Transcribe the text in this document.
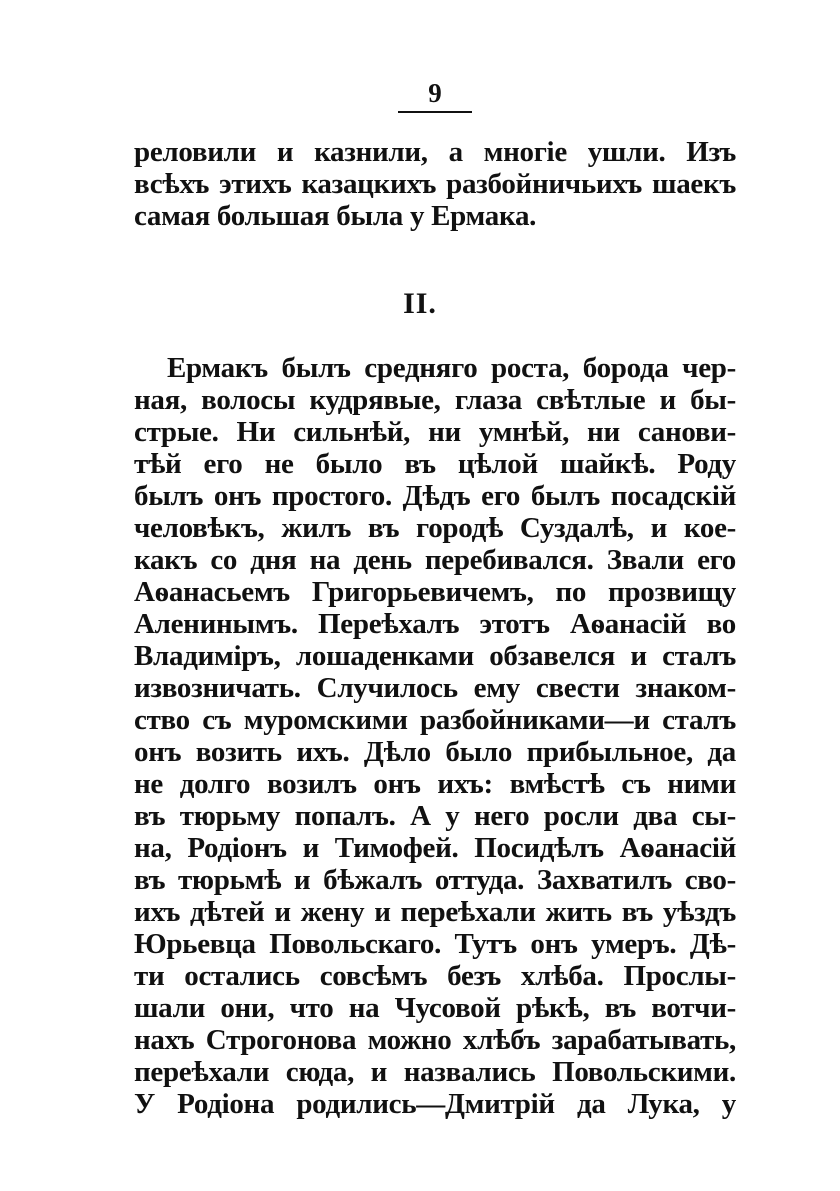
9
реловили и казнили, а многіе ушли. Изъ
всѣхъ этихъ казацкихъ разбойничьихъ шаекъ
самая большая была у Ермака.
II.
Ермакъ былъ средняго роста, борода чер-
ная, волосы кудрявые, глаза свѣтлые и бы-
стрые. Ни сильнѣй, ни умнѣй, ни санови-
тѣй его не было въ цѣлой шайкѣ. Роду
былъ онъ простого. Дѣдъ его былъ посадскій
человѣкъ, жилъ въ городѣ Суздалѣ, и кое-
какъ со дня на день перебивался. Звали его
Аѳанасьемъ Григорьевичемъ, по прозвищу
Аленинымъ. Переѣхалъ этотъ Аѳанасій во
Владиміръ, лошаденками обзавелся и сталъ
извозничать. Случилось ему свести знаком-
ство съ муромскими разбойниками—и сталъ
онъ возить ихъ. Дѣло было прибыльное, да
не долго возилъ онъ ихъ: вмѣстѣ съ ними
въ тюрьму попалъ. А у него росли два сы-
на, Родіонъ и Тимофей. Посидѣлъ Аѳанасій
въ тюрьмѣ и бѣжалъ оттуда. Захватилъ сво-
ихъ дѣтей и жену и переѣхали жить въ уѣздъ
Юрьевца Повольскаго. Тутъ онъ умеръ. Дѣ-
ти остались совсѣмъ безъ хлѣба. Прослы-
шали они, что на Чусовой рѣкѣ, въ вотчи-
нахъ Строгонова можно хлѣбъ зарабатывать,
переѣхали сюда, и назвались Повольскими.
У Родіона родились—Дмитрій да Лука, у
